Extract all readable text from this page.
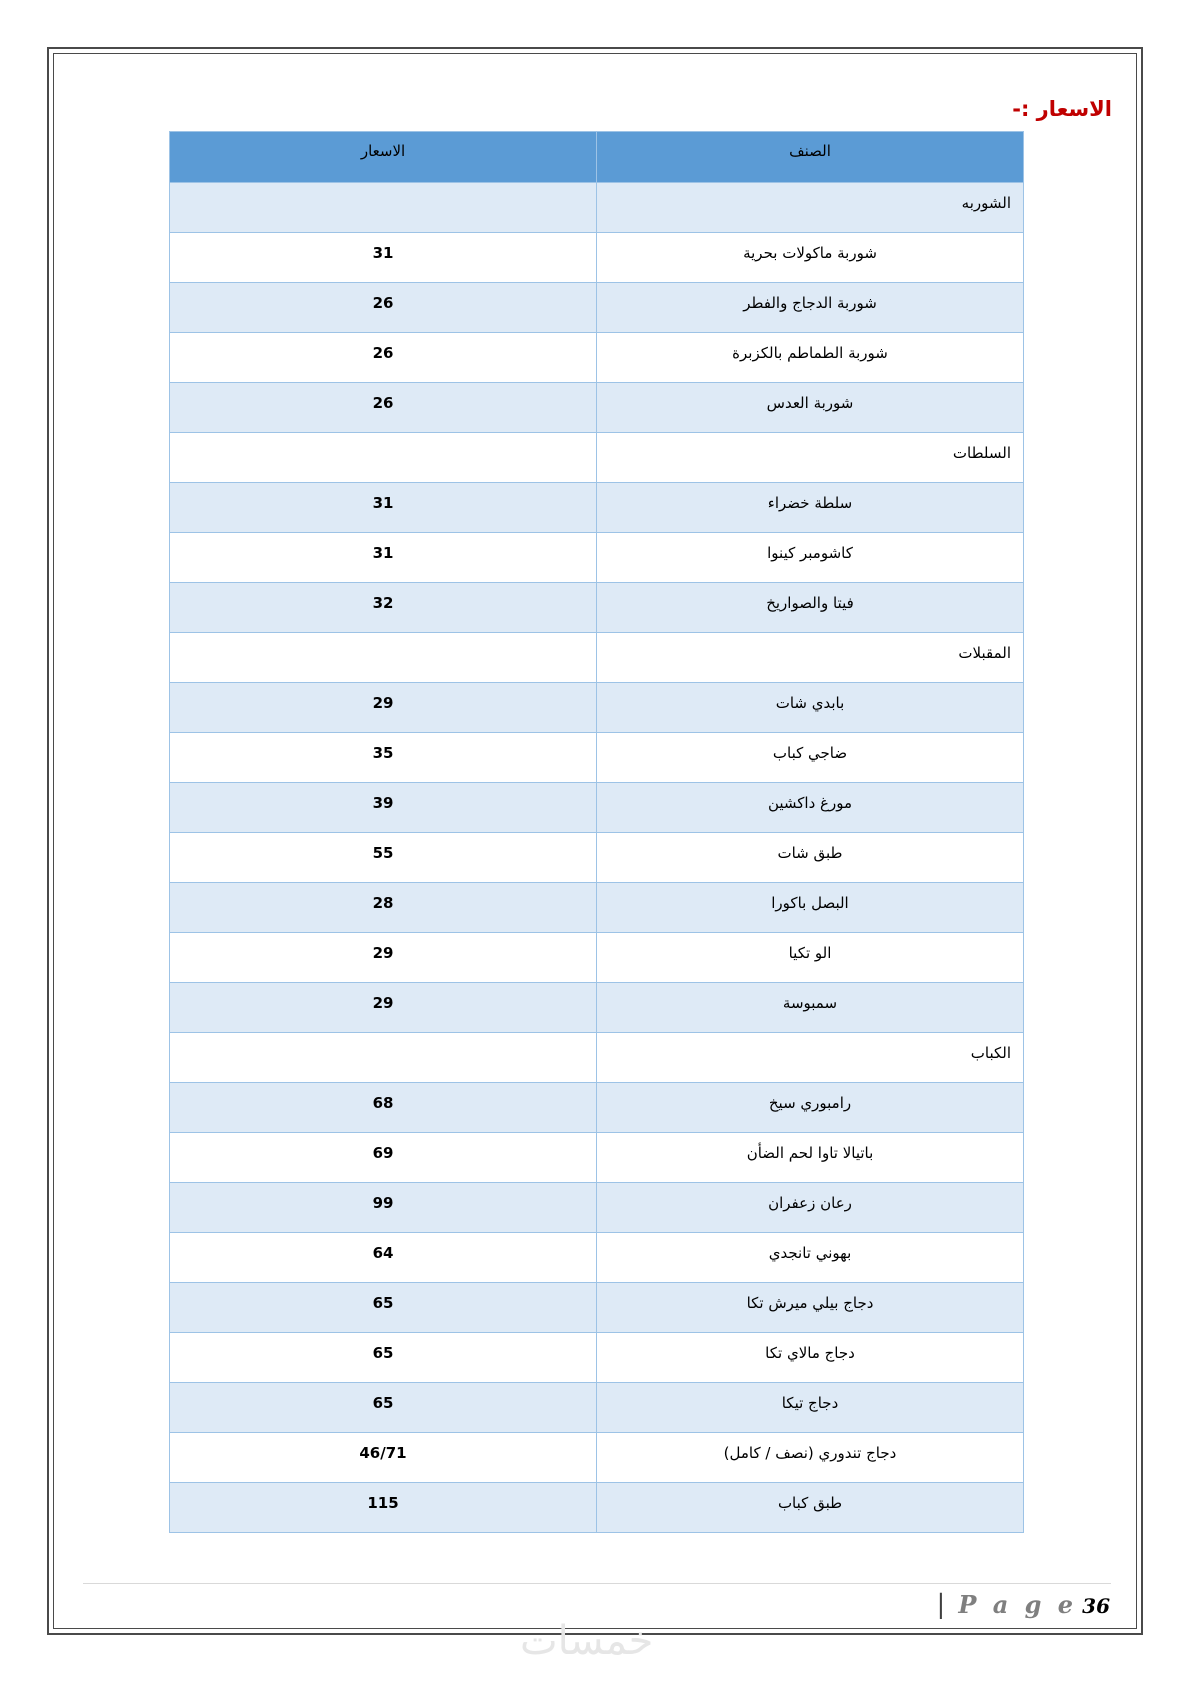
الاسعار :-
الصنف	الاسعار
الشوربه	
شوربة ماكولات بحرية	31
شوربة الدجاج والفطر	26
شوربة الطماطم بالكزبرة	26
شوربة العدس	26
السلطات	
سلطة خضراء	31
كاشومبر كينوا	31
فيتا والصواريخ	32
المقبلات	
بابدي شات	29
ضاجي كباب	35
مورغ داكشين	39
طبق شات	55
البصل باكورا	28
الو تكيا	29
سمبوسة	29
الكباب	
رامبوري سيخ	68
باتيالا تاوا لحم الضأن	69
رعان زعفران	99
بهوني تانجدي	64
دجاج بيلي ميرش تكا	65
دجاج مالاي تكا	65
دجاج تيكا	65
دجاج تندوري (نصف / كامل)	46/71
طبق كباب	115
| P a g e 36
خمسات
